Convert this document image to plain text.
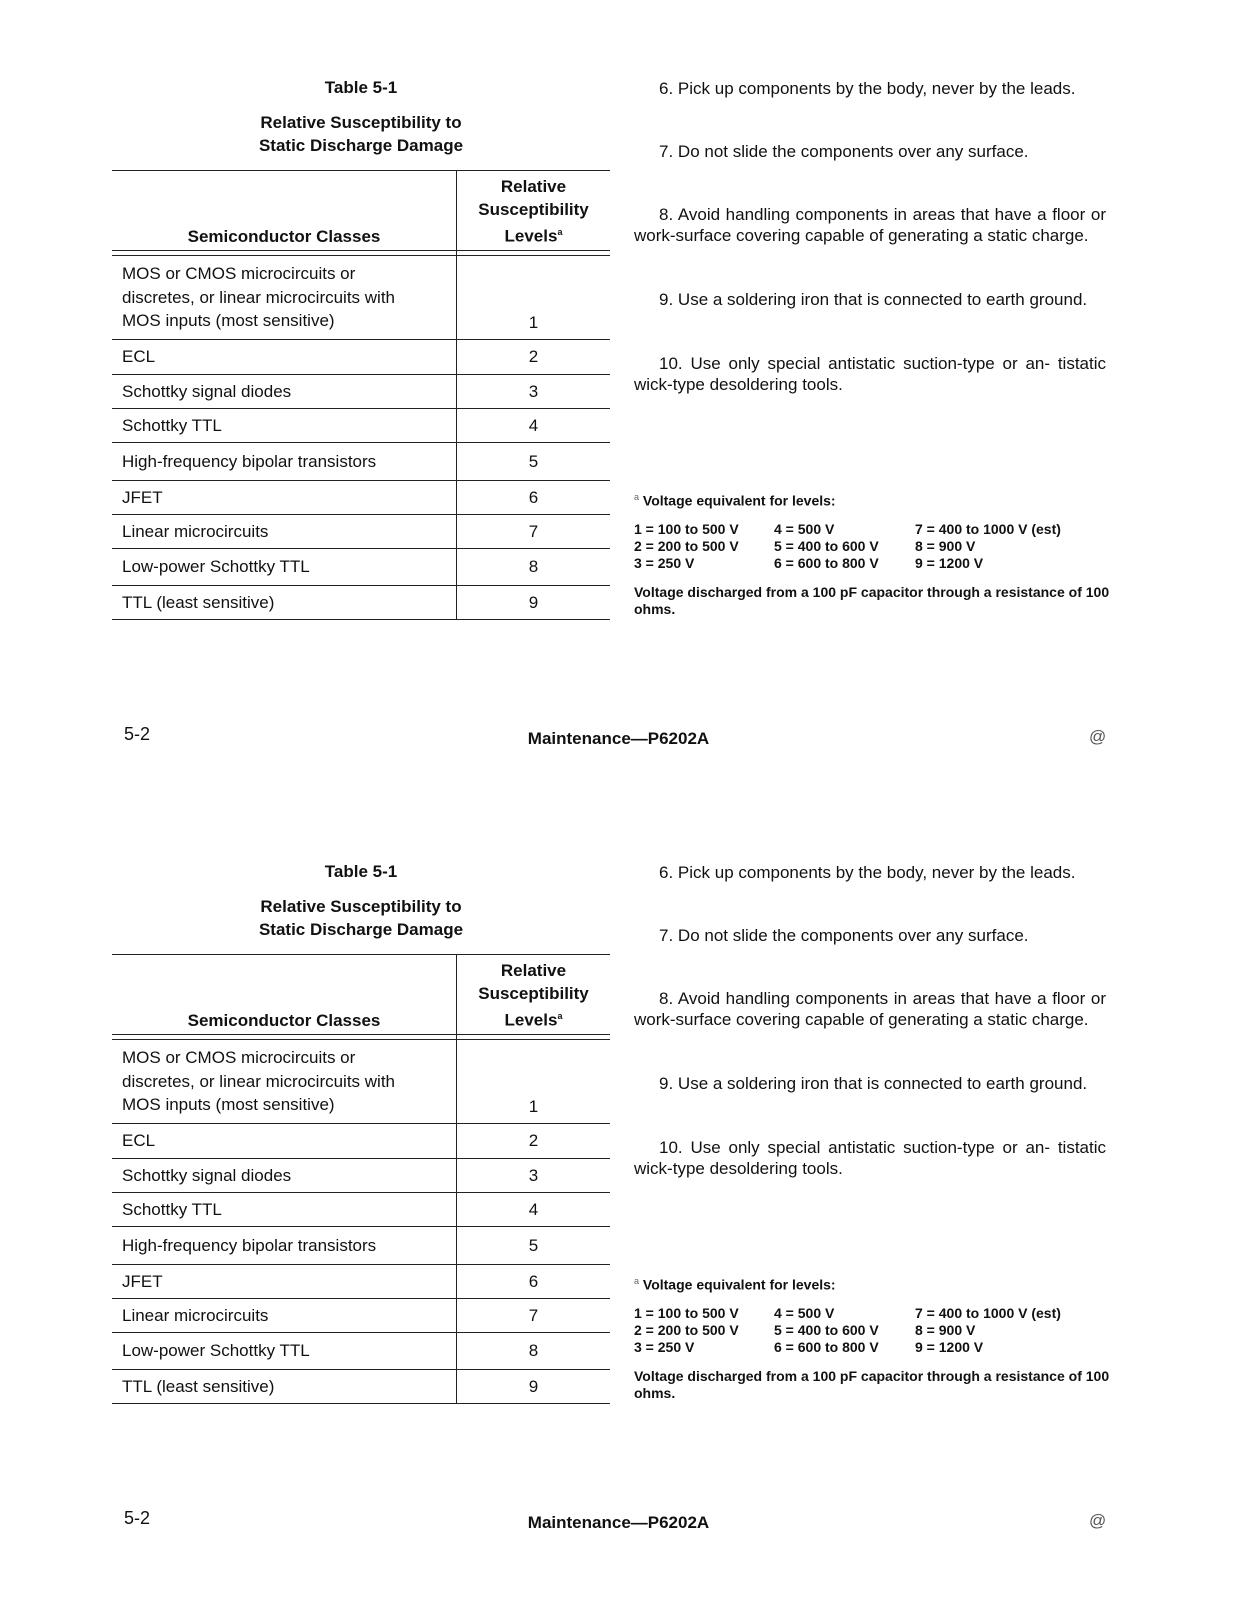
Table 5-1
Relative Susceptibility to
Static Discharge Damage
Semiconductor Classes	Relative
Susceptibility
Levels$^a$

MOS or CMOS microcircuits or
discretes, or linear microcircuits with
MOS inputs (most sensitive)	1

ECL	2

Schottky signal diodes	3

Schottky TTL	4

High-frequency bipolar transistors	5

JFET	6

Linear microcircuits	7

Low-power Schottky TTL	8

TTL (least sensitive)	9

6. Pick up components by the body, never by the leads.

7. Do not slide the components over any surface.

8. Avoid handling components in areas that have a floor or work-surface covering capable of generating a static charge.

9. Use a soldering iron that is connected to earth ground.

10. Use only special antistatic suction-type or an- tistatic wick-type desoldering tools.

$^a$ Voltage equivalent for levels:
1 = 100 to 500 V	4 = 500 V	7 = 400 to 1000 V (est)
2 = 200 to 500 V	5 = 400 to 600 V	8 = 900 V
3 = 250 V	6 = 600 to 800 V	9 = 1200 V
Voltage discharged from a 100 pF capacitor through a resistance of 100 ohms.
5-2	Maintenance—P6202A	@
Table 5-1
Relative Susceptibility to
Static Discharge Damage
Semiconductor Classes	Relative
Susceptibility
Levels$^a$

MOS or CMOS microcircuits or
discretes, or linear microcircuits with
MOS inputs (most sensitive)	1

ECL	2

Schottky signal diodes	3

Schottky TTL	4

High-frequency bipolar transistors	5

JFET	6

Linear microcircuits	7

Low-power Schottky TTL	8

TTL (least sensitive)	9

6. Pick up components by the body, never by the leads.

7. Do not slide the components over any surface.

8. Avoid handling components in areas that have a floor or work-surface covering capable of generating a static charge.

9. Use a soldering iron that is connected to earth ground.

10. Use only special antistatic suction-type or an- tistatic wick-type desoldering tools.

$^a$ Voltage equivalent for levels:
1 = 100 to 500 V	4 = 500 V	7 = 400 to 1000 V (est)
2 = 200 to 500 V	5 = 400 to 600 V	8 = 900 V
3 = 250 V	6 = 600 to 800 V	9 = 1200 V
Voltage discharged from a 100 pF capacitor through a resistance of 100 ohms.
5-2	Maintenance—P6202A	@
